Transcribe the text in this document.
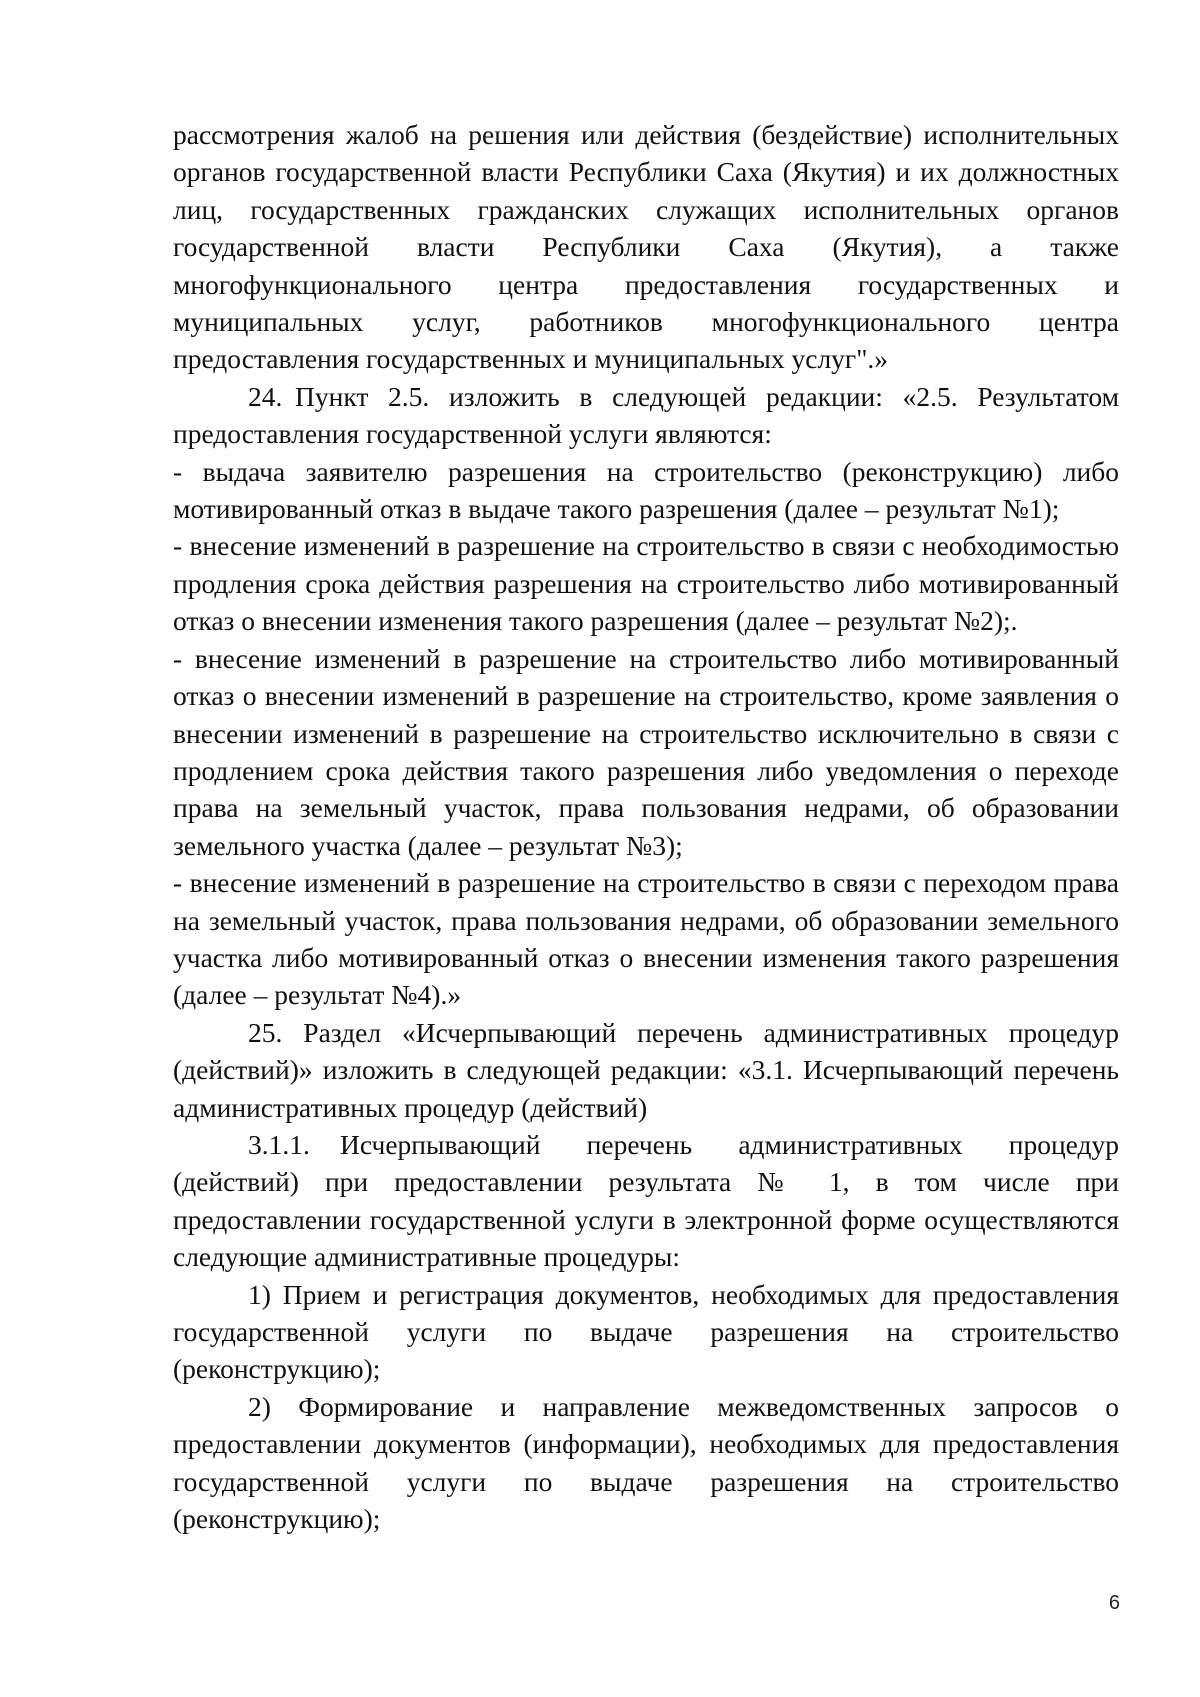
рассмотрения жалоб на решения или действия (бездействие) исполнительных органов государственной власти Республики Саха (Якутия) и их должностных лиц, государственных гражданских служащих исполнительных органов государственной власти Республики Саха (Якутия), а также многофункционального центра предоставления государственных и муниципальных услуг, работников многофункционального центра предоставления государственных и муниципальных услуг".»

24. Пункт 2.5. изложить в следующей редакции: «2.5. Результатом предоставления государственной услуги являются:

- выдача заявителю разрешения на строительство (реконструкцию) либо мотивированный отказ в выдаче такого разрешения (далее – результат №1);

- внесение изменений в разрешение на строительство в связи с необходимостью продления срока действия разрешения на строительство либо мотивированный отказ о внесении изменения такого разрешения (далее – результат №2);.

- внесение изменений в разрешение на строительство либо мотивированный отказ о внесении изменений в разрешение на строительство, кроме заявления о внесении изменений в разрешение на строительство исключительно в связи с продлением срока действия такого разрешения либо уведомления о переходе права на земельный участок, права пользования недрами, об образовании земельного участка (далее – результат №3);

- внесение изменений в разрешение на строительство в связи с переходом права на земельный участок, права пользования недрами, об образовании земельного участка либо мотивированный отказ о внесении изменения такого разрешения (далее – результат №4).»

25. Раздел «Исчерпывающий перечень административных процедур (действий)» изложить в следующей редакции: «3.1. Исчерпывающий перечень административных процедур (действий)

3.1.1. Исчерпывающий перечень административных процедур (действий) при предоставлении результата № 1, в том числе при предоставлении государственной услуги в электронной форме осуществляются следующие административные процедуры:

1) Прием и регистрация документов, необходимых для предоставления государственной услуги по выдаче разрешения на строительство (реконструкцию);

2) Формирование и направление межведомственных запросов о предоставлении документов (информации), необходимых для предоставления государственной услуги по выдаче разрешения на строительство (реконструкцию);

6
